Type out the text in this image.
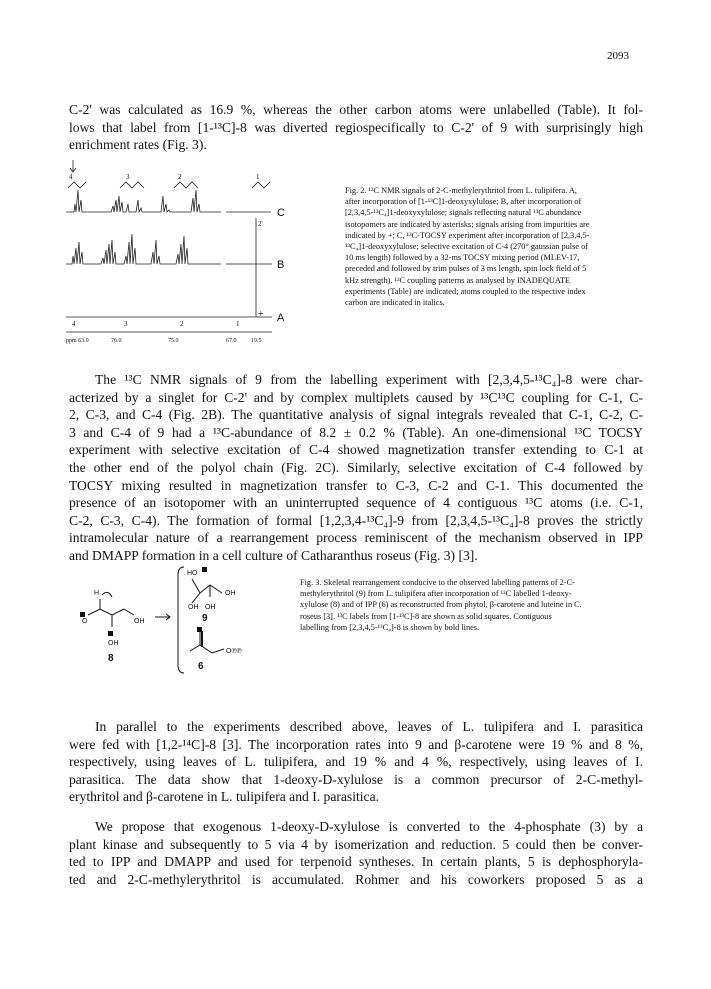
2093
C-2' was calculated as 16.9 %, whereas the other carbon atoms were unlabelled (Table). It fol-
lows that label from [1-¹³C]-8 was diverted regiospecifically to C-2' of 9 with surprisingly high
enrichment rates (Fig. 3).
4	3	2	1
4	3	2	1
2'
+
ppm 63.0	76.0	75.0	67.0 19.5
C
B
A
Fig. 2. ¹³C NMR signals of 2-C-methylerythritol from L. tulipifera. A,
after incorporation of [1-¹³C]1-deoxyxylulose; B, after incorporation of
[2,3,4,5-¹³C₄]1-deoxyxylulose; signals reflecting natural ¹³C abundance
isotopomers are indicated by asterisks; signals arising from impurities are
indicated by +; C, ¹³C-TOCSY experiment after incorporation of [2,3,4,5-
¹³C₄]1-deoxyxylulose; selective excitation of C-4 (270° gaussian pulse of
10 ms length) followed by a 32-ms TOCSY mixing period (MLEV-17,
preceded and followed by trim pulses of 3 ms length, spin lock field of 5
kHz strength). ¹³C coupling patterns as analysed by INADEQUATE
experiments (Table) are indicated; atoms coupled to the respective index
carbon are indicated in italics.
The ¹³C NMR signals of 9 from the labelling experiment with [2,3,4,5-¹³C₄]-8 were char-
acterized by a singlet for C-2' and by complex multiplets caused by ¹³C¹³C coupling for C-1, C-
2, C-3, and C-4 (Fig. 2B). The quantitative analysis of signal integrals revealed that C-1, C-2, C-
3 and C-4 of 9 had a ¹³C-abundance of 8.2 ± 0.2 % (Table). An one-dimensional ¹³C TOCSY
experiment with selective excitation of C-4 showed magnetization transfer extending to C-1 at
the other end of the polyol chain (Fig. 2C). Similarly, selective excitation of C-4 followed by
TOCSY mixing resulted in magnetization transfer to C-3, C-2 and C-1. This documented the
presence of an isotopomer with an uninterrupted sequence of 4 contiguous ¹³C atoms (i.e. C-1,
C-2, C-3, C-4). The formation of formal [1,2,3,4-¹³C₄]-9 from [2,3,4,5-¹³C₄]-8 proves the strictly
intramolecular nature of a rearrangement process reminiscent of the mechanism observed in IPP
and DMAPP formation in a cell culture of Catharanthus roseus (Fig. 3) [3].
HO
OH
OH OH
H
O	OH
OH
O℗℗
8
9
6
Fig. 3. Skeletal rearrangement conducive to the observed labelling patterns of 2-C-
methylerythritol (9) from L. tulipifera after incorporation of ¹³C labelled 1-deoxy-
xylulose (8) and of IPP (6) as reconstructed from phytol, β-carotene and luteine in C.
roseus [3]. ¹³C labels from [1-¹³C]-8 are shown as solid squares. Contiguous
labelling from [2,3,4,5-¹³C₄]-8 is shown by bold lines.
In parallel to the experiments described above, leaves of L. tulipifera and I. parasitica
were fed with [1,2-¹⁴C]-8 [3]. The incorporation rates into 9 and β-carotene were 19 % and 8 %,
respectively, using leaves of L. tulipifera, and 19 % and 4 %, respectively, using leaves of I.
parasitica. The data show that 1-deoxy-D-xylulose is a common precursor of 2-C-methyl-
erythritol and β-carotene in L. tulipifera and I. parasitica.
We propose that exogenous 1-deoxy-D-xylulose is converted to the 4-phosphate (3) by a
plant kinase and subsequently to 5 via 4 by isomerization and reduction. 5 could then be conver-
ted to IPP and DMAPP and used for terpenoid syntheses. In certain plants, 5 is dephosphoryla-
ted and 2-C-methylerythritol is accumulated. Rohmer and his coworkers proposed 5 as a
